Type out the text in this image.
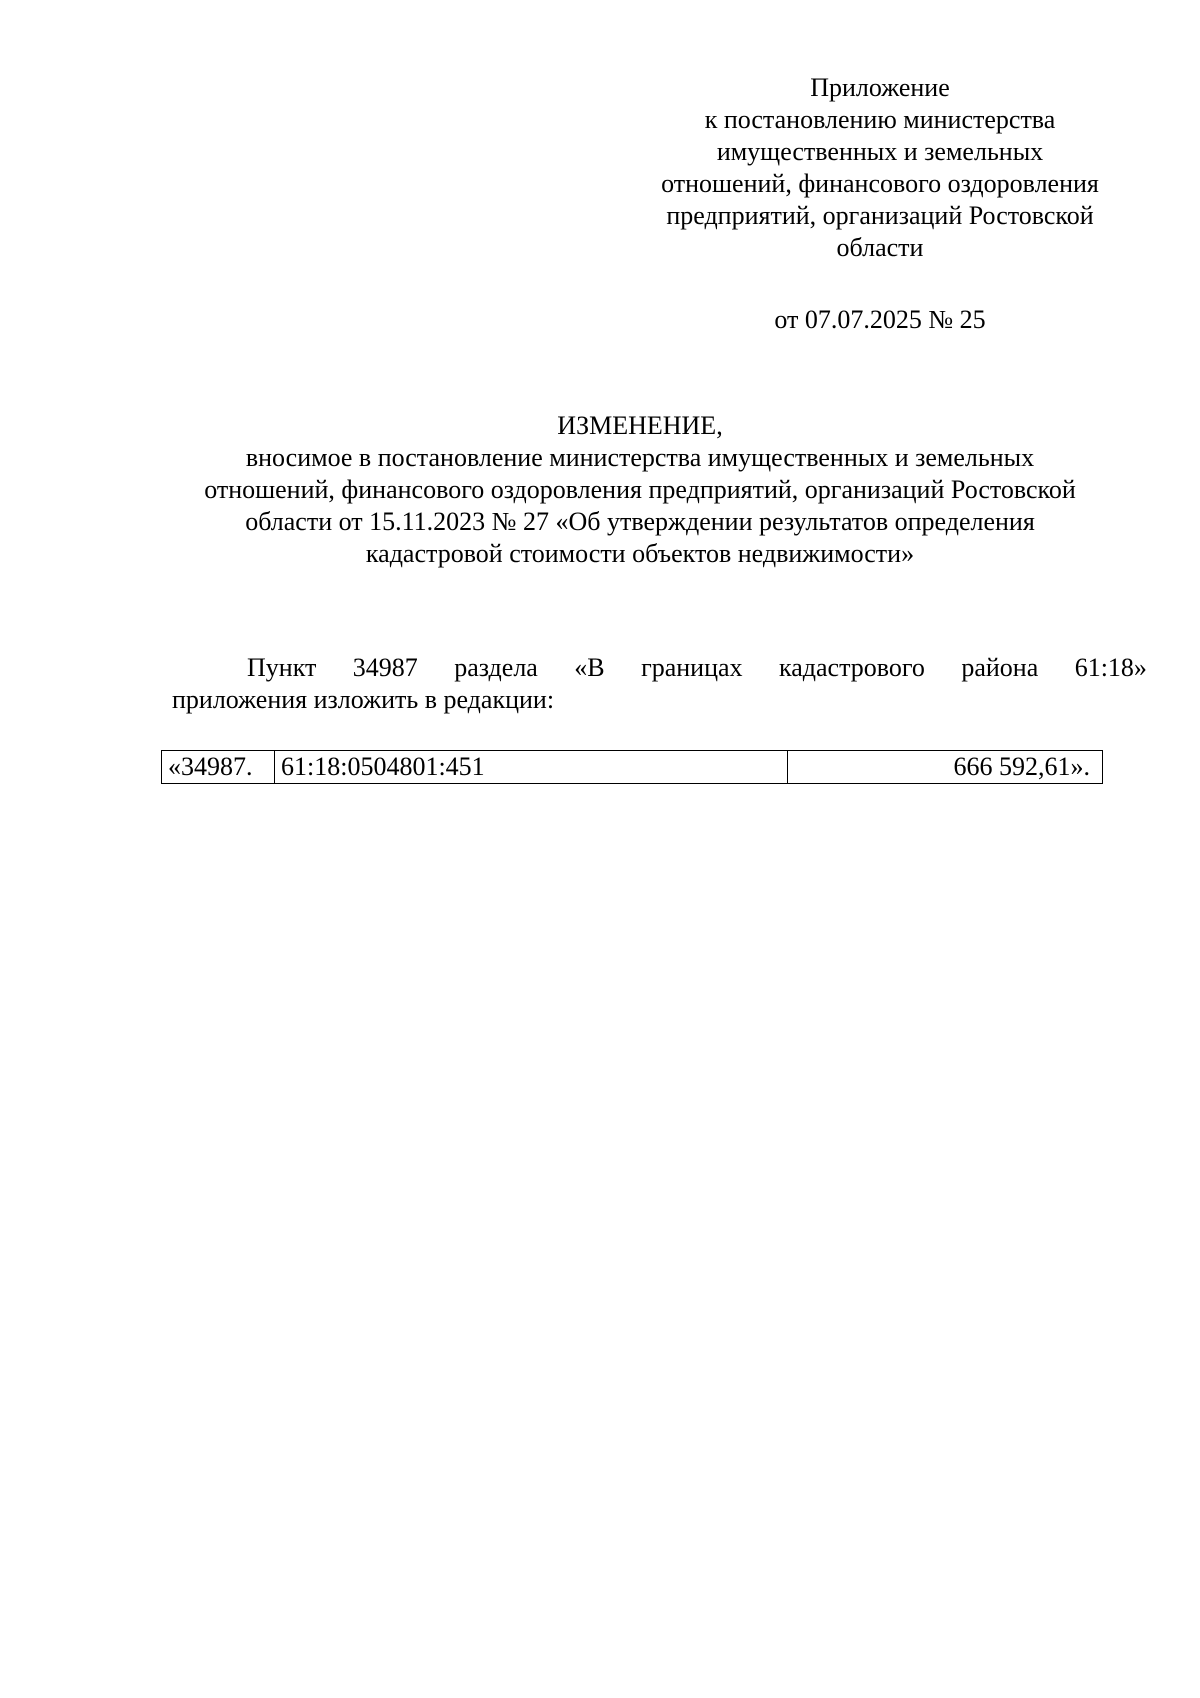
Приложение
к постановлению министерства
имущественных и земельных
отношений, финансового оздоровления
предприятий, организаций Ростовской
области
от 07.07.2025 № 25
ИЗМЕНЕНИЕ,
вносимое в постановление министерства имущественных и земельных
отношений, финансового оздоровления предприятий, организаций Ростовской
области от 15.11.2023 № 27 «Об утверждении результатов определения
кадастровой стоимости объектов недвижимости»
Пункт 34987 раздела «В границах кадастрового района 61:18»
приложения изложить в редакции:
«34987.	61:18:0504801:451	666 592,61».
